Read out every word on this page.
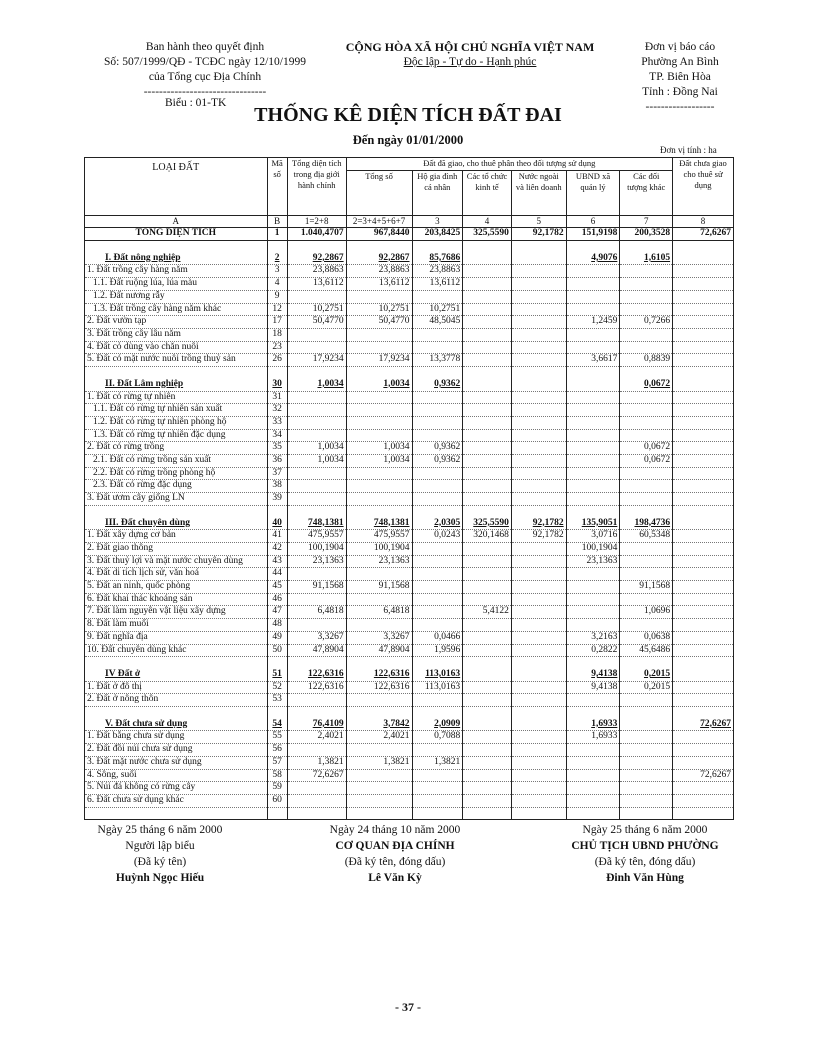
Ban hành theo quyết định
Số: 507/1999/QĐ - TCĐC ngày 12/10/1999
của Tổng cục Địa Chính
--------------------------------
CỘNG HÒA XÃ HỘI CHỦ NGHĨA VIỆT NAM
Độc lập - Tự do - Hạnh phúc
Đơn vị báo cáo
Phường An Bình
TP. Biên Hòa
Tỉnh : Đồng Nai
------------------
Biểu : 01-TK
THỐNG KÊ DIỆN TÍCH ĐẤT ĐAI
Đến ngày 01/01/2000
Đơn vị tính : ha
LOẠI ĐẤT	Mã số	Tổng diện tích trong địa giới hành chính	Đất đã giao, cho thuê phân theo đối tượng sử dụng						Đất chưa giao cho thuê sử dụng
			Tổng số	Hộ gia đình cá nhân	Các tổ chức kinh tế	Nước ngoài và liên doanh	UBND xã quản lý	Các đối tượng khác	
A	B	1=2+8	2=3+4+5+6+7	3	4	5	6	7	8
TỔNG DIỆN TÍCH	1	1.040,4707	967,8440	203,8425	325,5590	92,1782	151,9198	200,3528	72,6267

I. Đất nông nghiệp	2	92,2867	92,2867	85,7686			4,9076	1,6105	
1. Đất trồng cây hàng năm	3	23,8863	23,8863	23,8863					
1.1. Đất ruộng lúa, lúa màu	4	13,6112	13,6112	13,6112					
1.2. Đất nương rẫy	9								
1.3. Đất trồng cây hàng năm khác	12	10,2751	10,2751	10,2751					
2. Đất vườn tạp	17	50,4770	50,4770	48,5045			1,2459	0,7266	
3. Đất trồng cây lâu năm	18								
4. Đất cỏ dùng vào chăn nuôi	23								
5. Đất có mặt nước nuôi trồng thuỷ sản	26	17,9234	17,9234	13,3778			3,6617	0,8839	

II. Đất Lâm nghiệp	30	1,0034	1,0034	0,9362				0,0672	
1. Đất có rừng tự nhiên	31								
1.1. Đất có rừng tự nhiên sản xuất	32								
1.2. Đất có rừng tự nhiên phòng hộ	33								
1.3. Đất có rừng tự nhiên đặc dụng	34								
2. Đất có rừng trồng	35	1,0034	1,0034	0,9362				0,0672	
2.1. Đất có rừng trồng sản xuất	36	1,0034	1,0034	0,9362				0,0672	
2.2. Đất có rừng trồng phòng hộ	37								
2.3. Đất có rừng đặc dụng	38								
3. Đất ươm cây giống LN	39								

III. Đất chuyên dùng	40	748,1381	748,1381	2,0305	325,5590	92,1782	135,9051	198,4736	
1. Đất xây dựng cơ bản	41	475,9557	475,9557	0,0243	320,1468	92,1782	3,0716	60,5348	
2. Đất giao thông	42	100,1904	100,1904				100,1904		
3. Đất thuỷ lợi và mặt nước chuyên dùng	43	23,1363	23,1363				23,1363		
4. Đất di tích lịch sử, văn hoá	44								
5. Đất an ninh, quốc phòng	45	91,1568	91,1568					91,1568	
6. Đất khai thác khoáng sản	46								
7. Đất làm nguyên vật liệu xây dựng	47	6,4818	6,4818		5,4122			1,0696	
8. Đất làm muối	48								
9. Đất nghĩa địa	49	3,3267	3,3267	0,0466			3,2163	0,0638	
10. Đất chuyên dùng khác	50	47,8904	47,8904	1,9596			0,2822	45,6486	

IV Đất ở	51	122,6316	122,6316	113,0163			9,4138	0,2015	
1. Đất ở đô thị	52	122,6316	122,6316	113,0163			9,4138	0,2015	
2. Đất ở nông thôn	53								

V. Đất chưa sử dụng	54	76,4109	3,7842	2,0909			1,6933		72,6267
1. Đất bằng chưa sử dụng	55	2,4021	2,4021	0,7088			1,6933		
2. Đất đồi núi chưa sử dụng	56								
3. Đất mặt nước chưa sử dụng	57	1,3821	1,3821	1,3821					
4. Sông, suối	58	72,6267							72,6267
5. Núi đá không có rừng cây	59								
6. Đất chưa sử dụng khác	60								

Ngày 25 tháng 6 năm 2000
Người lập biểu
(Đã ký tên)
Huỳnh Ngọc Hiếu
Ngày 24 tháng 10 năm 2000
CƠ QUAN ĐỊA CHÍNH
(Đã ký tên, đóng dấu)
Lê Văn Kỳ
Ngày 25 tháng 6 năm 2000
CHỦ TỊCH UBND PHƯỜNG
(Đã ký tên, đóng dấu)
Đinh Văn Hùng
- 37 -
